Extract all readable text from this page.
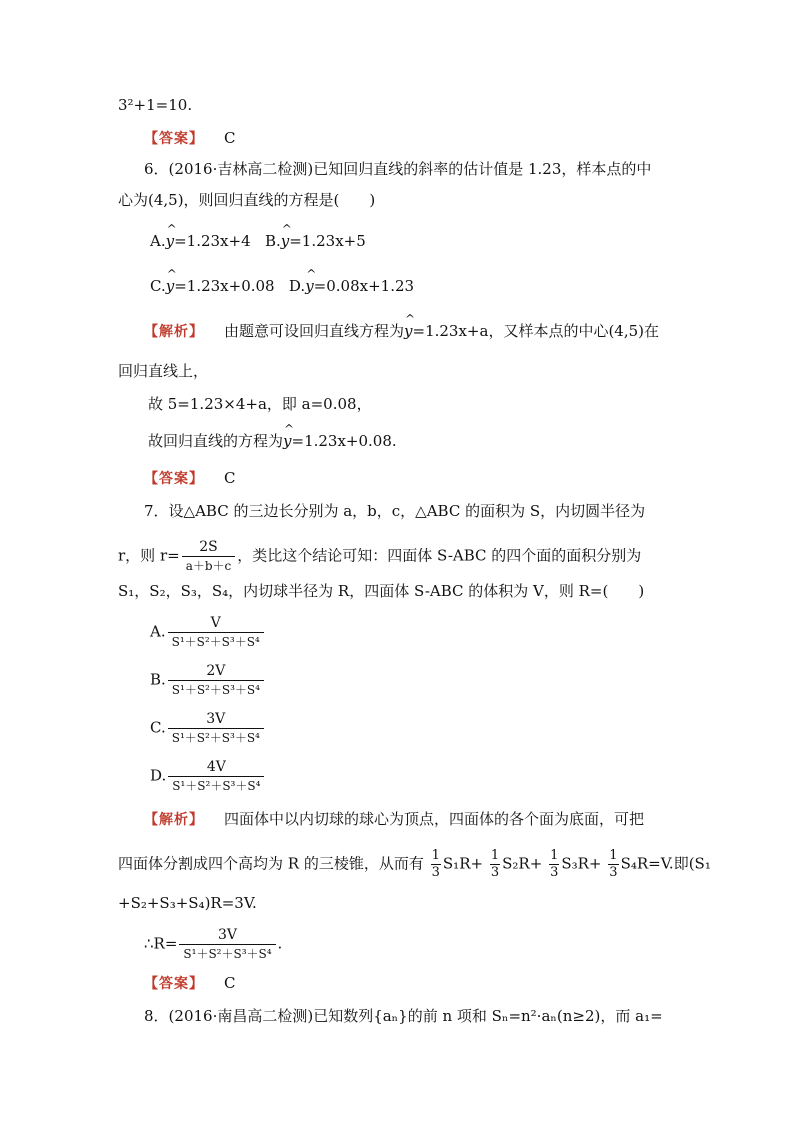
3²+1=10.
【 答案 】 C
6．(2016·吉林高二检测)已知回归直线的斜率的估计值是 1.23，样本点的中
心为(4,5)，则回归直线的方程是(　　)
A.^ y=1.23x+4 B.^ y=1.23x+5
C.^ y=1.23x+0.08 D.^ y=0.08x+1.23
【 解析 】 由题意可设回归直线方程为^ y=1.23x+a，又样本点的中心(4,5)在
回归直线上，
故 5=1.23×4+a，即 a=0.08，
故回归直线的方程为^ y=1.23x+0.08.
【 答案 】 C
7．设△ABC 的三边长分别为 a，b，c，△ABC 的面积为 S，内切圆半径为
r，则 $r= \frac{2S}{a+b+c}$ ，类比这个结论可知：四面体 S-ABC 的四个面的面积分别为
S₁，S₂，S₃，S₄，内切球半径为 R，四面体 S-ABC 的体积为 V，则 R=(　　)
A. $\frac{V}{\text{S¹＋S²＋S³＋S⁴}}$
B. $\frac{2V}{\text{S¹＋S²＋S³＋S⁴}}$
C. $\frac{3V}{\text{S¹＋S²＋S³＋S⁴}}$
D. $\frac{4V}{\text{S¹＋S²＋S³＋S⁴}}$
【 解析 】 四面体中以内切球的球心为顶点，四面体的各个面为底面，可把
四面体分割成四个高均为 R 的三棱锥，从而有 $\frac{1}{3} S_1R+ \frac{1}{3} S_2R+ \frac{1}{3} S_3R+ \frac{1}{3} S_4R=V$.即(S₁
+S₂+S₃+S₄)R=3V.
∴R= $\frac{3V}{\text{S¹＋S²＋S³＋S⁴}}$ .
【 答案 】 C
8．(2016·南昌高二检测)已知数列{aₙ}的前 n 项和 Sₙ=n²·aₙ(n≥2)，而 a₁=
